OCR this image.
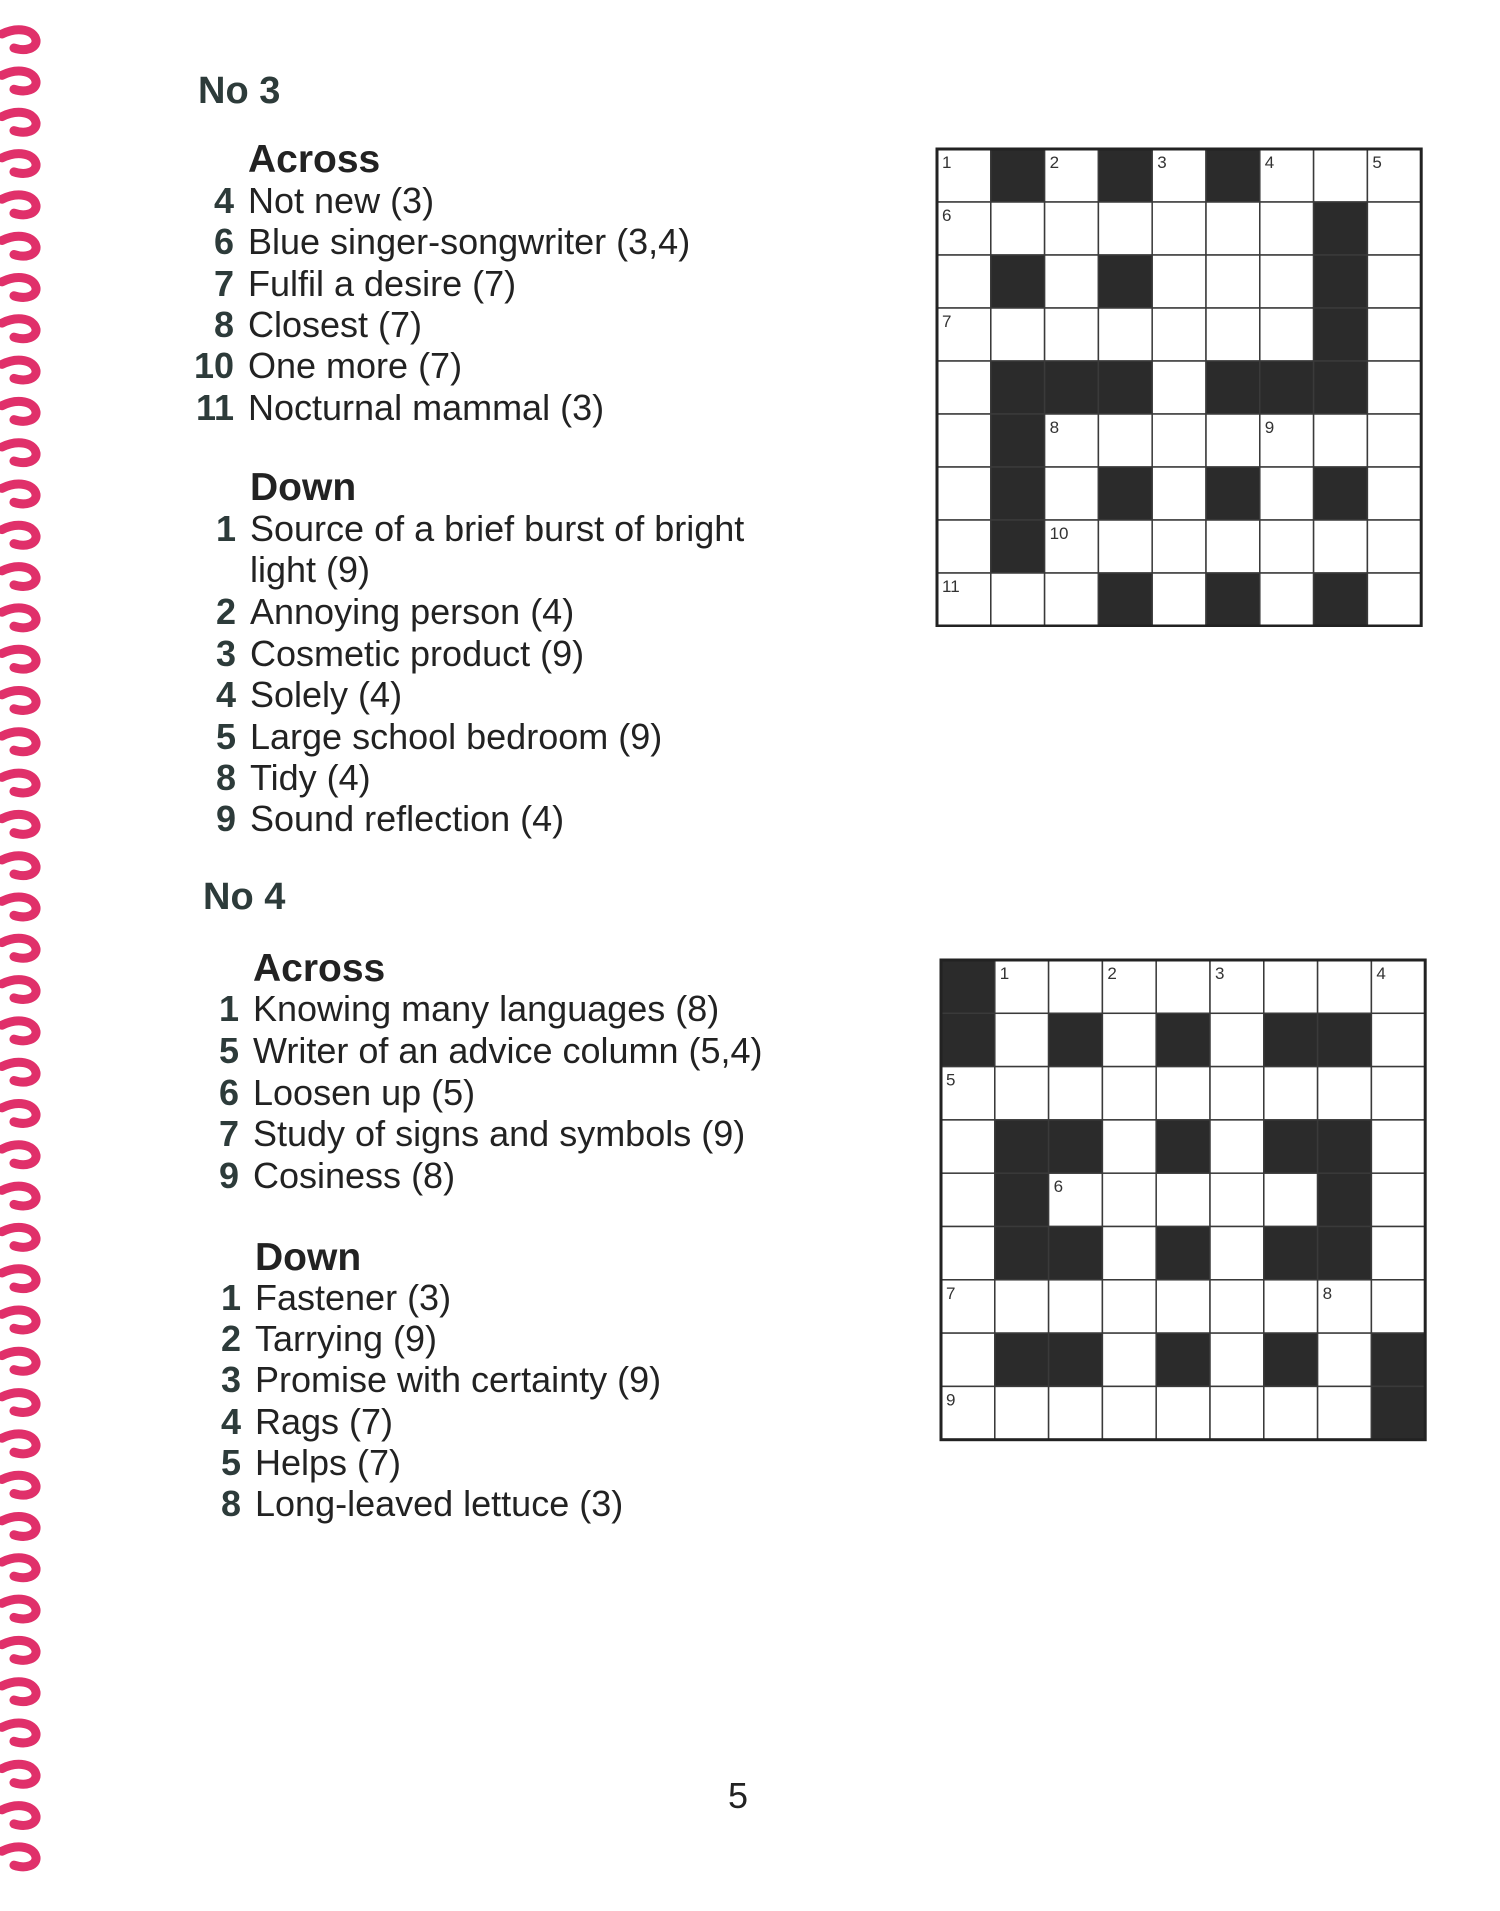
No 3
Across
4 Not new (3)
6 Blue singer-songwriter (3,4)
7 Fulfil a desire (7)
8 Closest (7)
10 One more (7)
11 Nocturnal mammal (3)
Down
1 Source of a brief burst of bright light (9)
2 Annoying person (4)
3 Cosmetic product (9)
4 Solely (4)
5 Large school bedroom (9)
8 Tidy (4)
9 Sound reflection (4)
1	2	3	4	5
6
7
8	9
10
11
No 4
Across
1 Knowing many languages (8)
5 Writer of an advice column (5,4)
6 Loosen up (5)
7 Study of signs and symbols (9)
9 Cosiness (8)
Down
1 Fastener (3)
2 Tarrying (9)
3 Promise with certainty (9)
4 Rags (7)
5 Helps (7)
8 Long-leaved lettuce (3)
1	2	3	4
5
6
7	8
9
5
